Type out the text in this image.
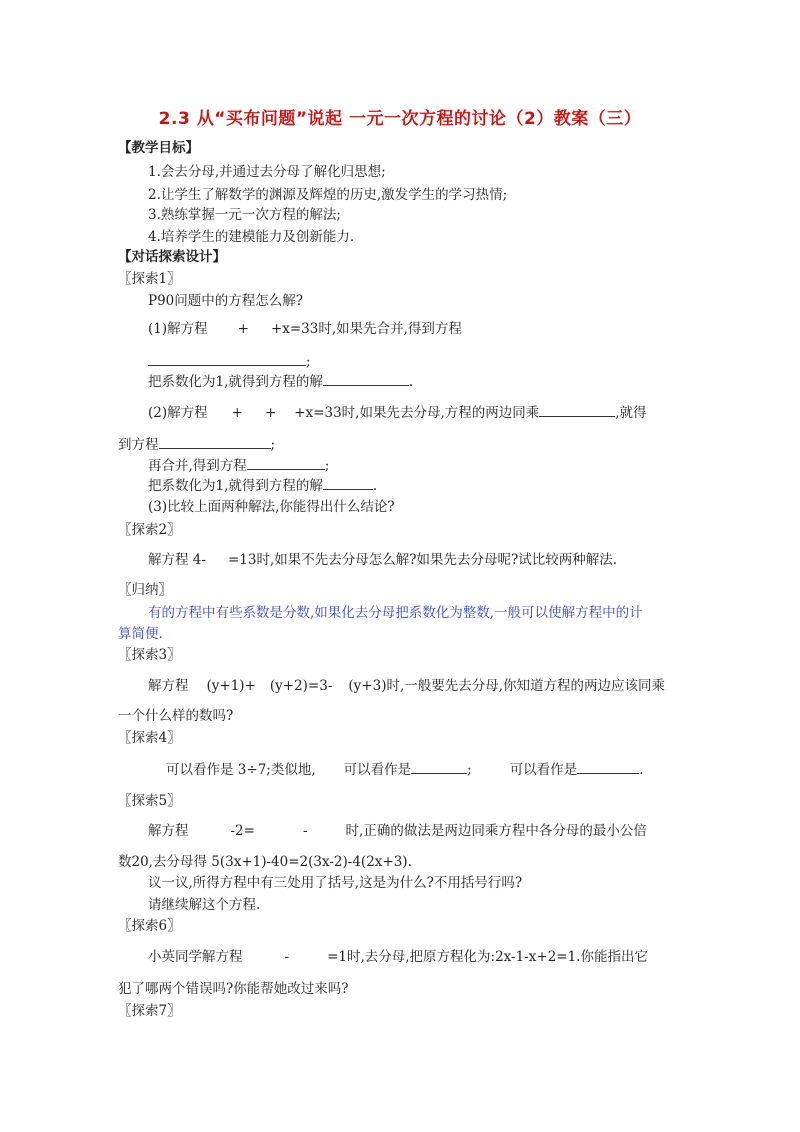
2.3 从“买布问题”说起 一元一次方程的讨论（2）教案（三）
【教学目标】
1.会去分母,并通过去分母了解化归思想;
2.让学生了解数学的渊源及辉煌的历史,激发学生的学习热情;
3.熟练掌握一元一次方程的解法;
4.培养学生的建模能力及创新能力.
【对话探索设计】
〖探索1〗
P90问题中的方程怎么解?
(1)解方程 + +x=33时,如果先合并,得到方程
;
把系数化为1,就得到方程的解	.
(2)解方程 + + +x=33时,如果先去分母,方程的两边同乘	,就得
到方程	;
再合并,得到方程	;
把系数化为1,就得到方程的解	.
(3)比较上面两种解法,你能得出什么结论?
〖探索2〗
解方程 4- =13时,如果不先去分母怎么解?如果先去分母呢?试比较两种解法.
〖归纳〗
有的方程中有些系数是分数,如果化去分母把系数化为整数,一般可以使解方程中的计
算简便.
〖探索3〗
解方程 (y+1)+ (y+2)=3- (y+3)时,一般要先去分母,你知道方程的两边应该同乘
一个什么样的数吗?
〖探索4〗
可以看作是 3÷7;类似地, 可以看作是	;	可以看作是	.
〖探索5〗
解方程	-2=	-	时,正确的做法是两边同乘方程中各分母的最小公倍
数20,去分母得 5(3x+1)-40=2(3x-2)-4(2x+3).
议一议,所得方程中有三处用了括号,这是为什么?不用括号行吗?
请继续解这个方程.
〖探索6〗
小英同学解方程	-	=1时,去分母,把原方程化为:2x-1-x+2=1.你能指出它
犯了哪两个错误吗?你能帮她改过来吗?
〖探索7〗
